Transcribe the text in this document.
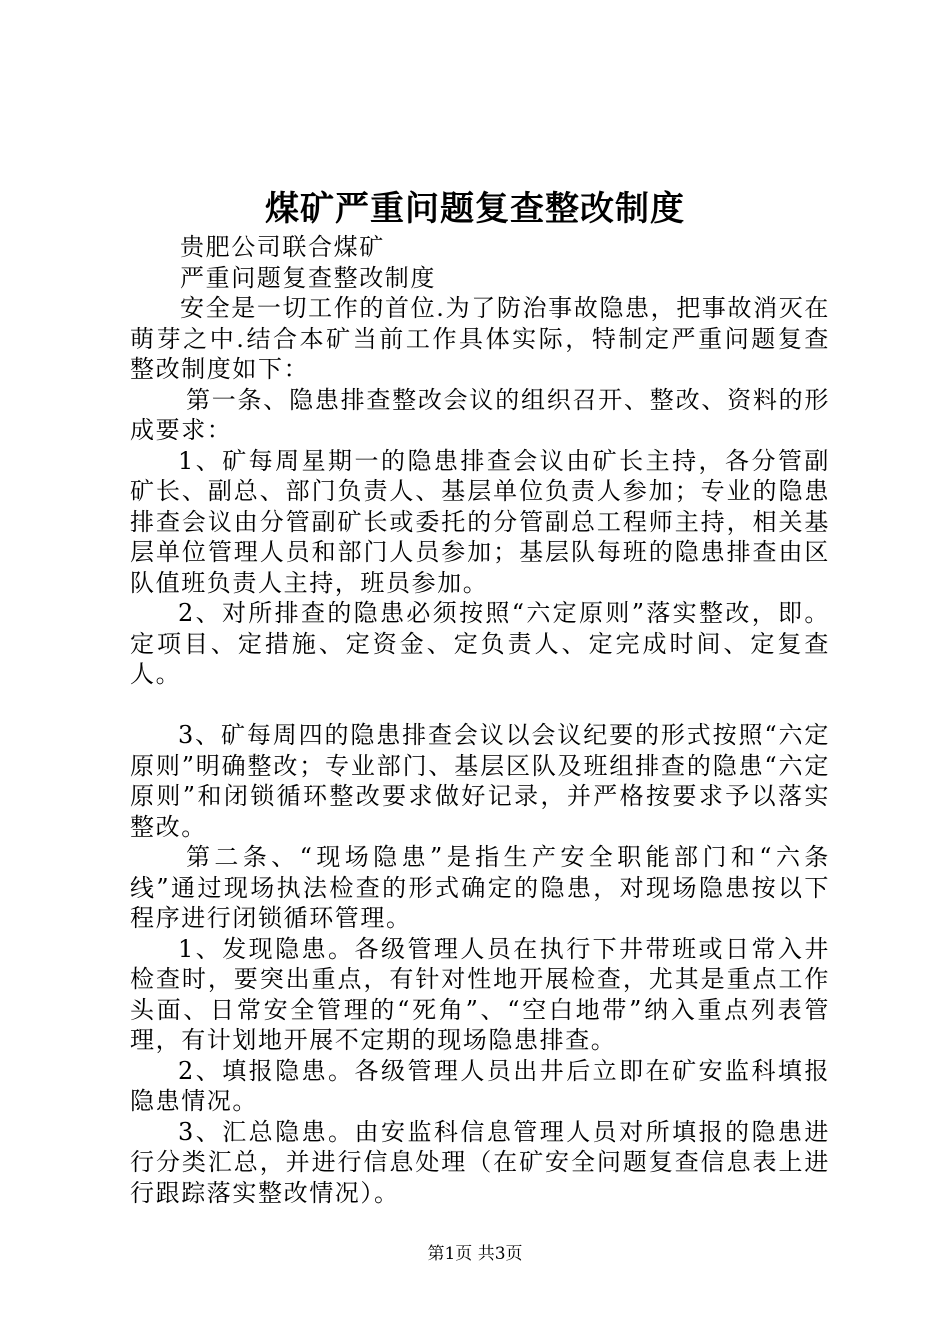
煤矿严重问题复查整改制度

贵肥公司联合煤矿

严重问题复查整改制度

安全是一切工作的首位.为了防治事故隐患，把事故消灭在萌芽之中.结合本矿当前工作具体实际，特制定严重问题复查整改制度如下：

第一条、隐患排查整改会议的组织召开、整改、资料的形成要求：

1、矿每周星期一的隐患排查会议由矿长主持，各分管副矿长、副总、部门负责人、基层单位负责人参加；专业的隐患排查会议由分管副矿长或委托的分管副总工程师主持，相关基层单位管理人员和部门人员参加；基层队每班的隐患排查由区队值班负责人主持，班员参加。

2、对所排查的隐患必须按照“六定原则”落实整改，即。定项目、定措施、定资金、定负责人、定完成时间、定复查人。

3、矿每周四的隐患排查会议以会议纪要的形式按照“六定原则”明确整改；专业部门、基层区队及班组排查的隐患“六定原则”和闭锁循环整改要求做好记录，并严格按要求予以落实整改。

第二条、“现场隐患”是指生产安全职能部门和“六条线”通过现场执法检查的形式确定的隐患，对现场隐患按以下程序进行闭锁循环管理。

1、发现隐患。各级管理人员在执行下井带班或日常入井检查时，要突出重点，有针对性地开展检查，尤其是重点工作头面、日常安全管理的“死角”、“空白地带”纳入重点列表管理，有计划地开展不定期的现场隐患排查。

2、填报隐患。各级管理人员出井后立即在矿安监科填报隐患情况。

3、汇总隐患。由安监科信息管理人员对所填报的隐患进行分类汇总，并进行信息处理（在矿安全问题复查信息表上进行跟踪落实整改情况）。

第1页 共3页
